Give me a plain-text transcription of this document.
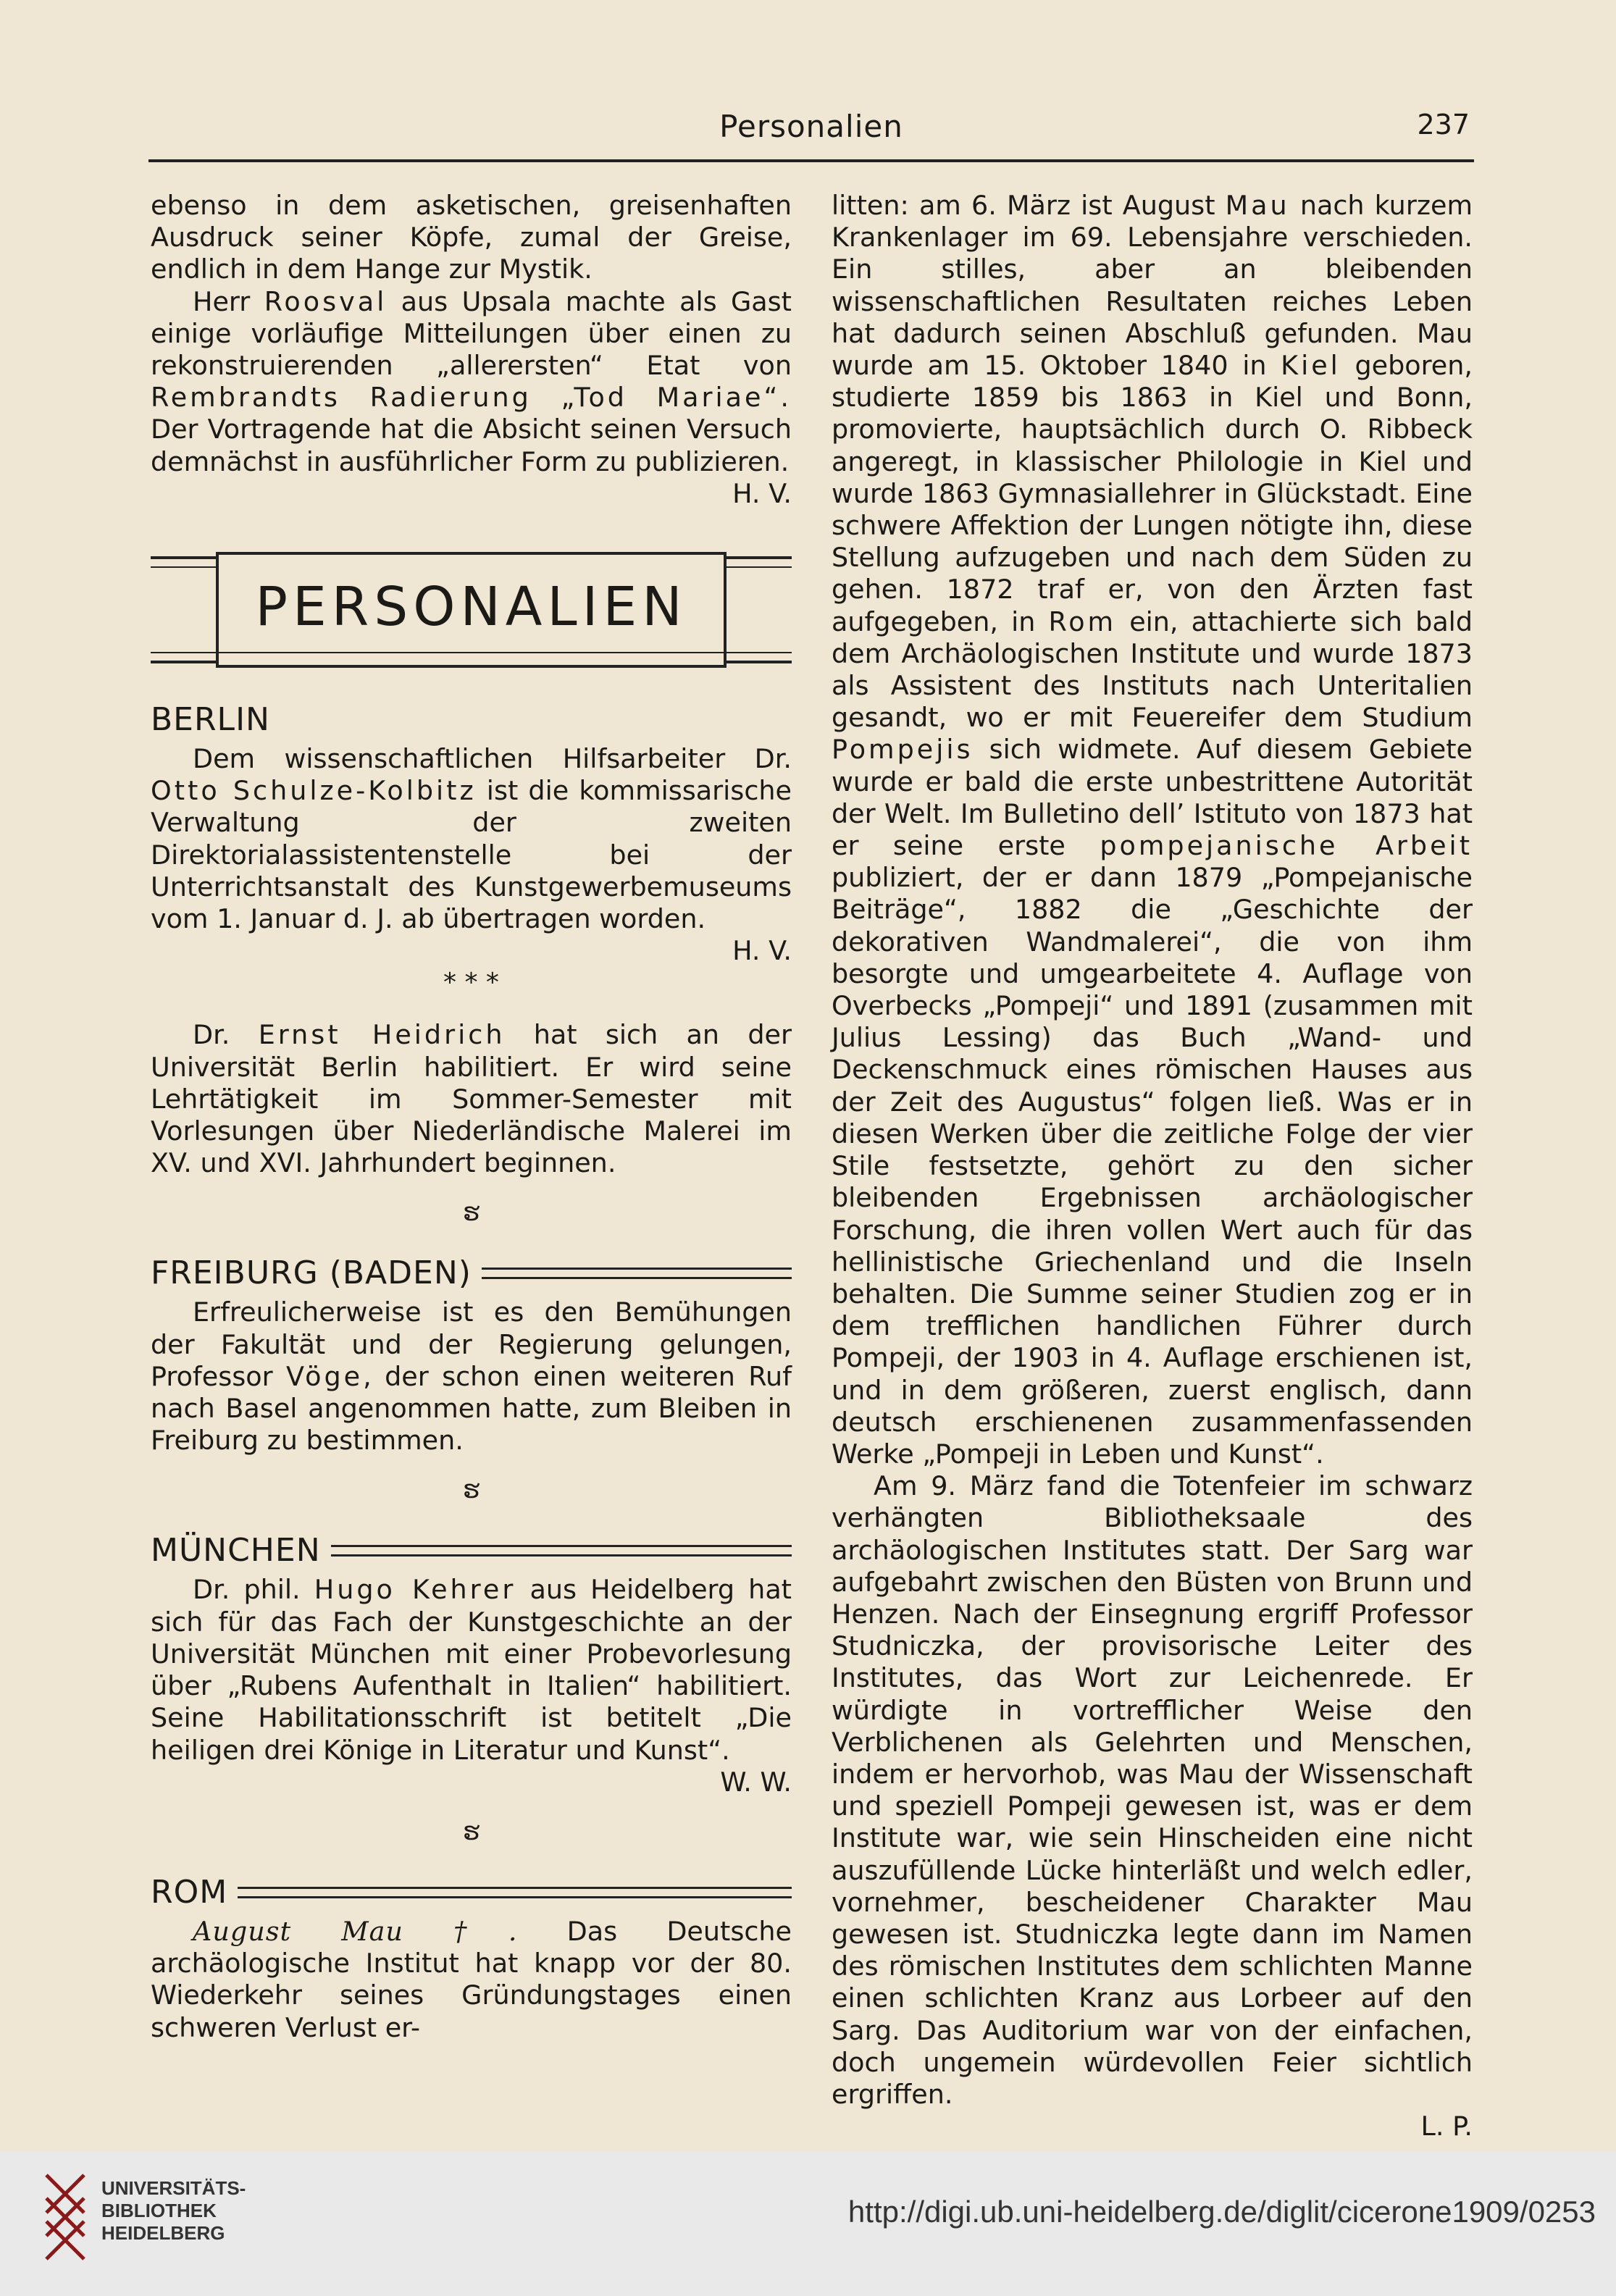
Personalien	237

ebenso in dem asketischen, greisenhaften Ausdruck seiner Köpfe, zumal der Greise, endlich in dem Hange zur Mystik.

Herr Roosval aus Upsala machte als Gast einige vorläufige Mitteilungen über einen zu rekonstruierenden „allerersten“ Etat von Rembrandts Radierung „Tod Mariae“. Der Vortragende hat die Absicht seinen Versuch demnächst in ausführlicher Form zu publizieren.

H. V.

PERSONALIEN
BERLIN

Dem wissenschaftlichen Hilfsarbeiter Dr. Otto Schulze-Kolbitz ist die kommissarische Verwaltung der zweiten Direktorialassistentenstelle bei der Unterrichtsanstalt des Kunstgewerbemuseums vom 1. Januar d. J. ab übertragen worden.

H. V.

* * *

Dr. Ernst Heidrich hat sich an der Universität Berlin habilitiert. Er wird seine Lehrtätigkeit im Sommer-Semester mit Vorlesungen über Niederländische Malerei im XV. und XVI. Jahrhundert beginnen.

ຮ
FREIBURG (BADEN)

Erfreulicherweise ist es den Bemühungen der Fakultät und der Regierung gelungen, Professor Vöge, der schon einen weiteren Ruf nach Basel angenommen hatte, zum Bleiben in Freiburg zu bestimmen.

ຮ
MÜNCHEN

Dr. phil. Hugo Kehrer aus Heidelberg hat sich für das Fach der Kunstgeschichte an der Universität München mit einer Probevorlesung über „Rubens Aufenthalt in Italien“ habilitiert. Seine Habilitationsschrift ist betitelt „Die heiligen drei Könige in Literatur und Kunst“.

W. W.

ຮ
ROM

August Mau †. Das Deutsche archäologische Institut hat knapp vor der 80. Wiederkehr seines Gründungstages einen schweren Verlust er-

litten: am 6. März ist August Mau nach kurzem Krankenlager im 69. Lebensjahre verschieden. Ein stilles, aber an bleibenden wissenschaftlichen Resultaten reiches Leben hat dadurch seinen Abschluß gefunden. Mau wurde am 15. Oktober 1840 in Kiel geboren, studierte 1859 bis 1863 in Kiel und Bonn, promovierte, hauptsächlich durch O. Ribbeck angeregt, in klassischer Philologie in Kiel und wurde 1863 Gymnasiallehrer in Glückstadt. Eine schwere Affektion der Lungen nötigte ihn, diese Stellung aufzugeben und nach dem Süden zu gehen. 1872 traf er, von den Ärzten fast aufgegeben, in Rom ein, attachierte sich bald dem Archäologischen Institute und wurde 1873 als Assistent des Instituts nach Unteritalien gesandt, wo er mit Feuereifer dem Studium Pompejis sich widmete. Auf diesem Gebiete wurde er bald die erste unbestrittene Autorität der Welt. Im Bulletino dell’ Istituto von 1873 hat er seine erste pompejanische Arbeit publiziert, der er dann 1879 „Pompejanische Beiträge“, 1882 die „Geschichte der dekorativen Wandmalerei“, die von ihm besorgte und umgearbeitete 4. Auflage von Overbecks „Pompeji“ und 1891 (zusammen mit Julius Lessing) das Buch „Wand- und Deckenschmuck eines römischen Hauses aus der Zeit des Augustus“ folgen ließ. Was er in diesen Werken über die zeitliche Folge der vier Stile festsetzte, gehört zu den sicher bleibenden Ergebnissen archäologischer Forschung, die ihren vollen Wert auch für das hellinistische Griechenland und die Inseln behalten. Die Summe seiner Studien zog er in dem trefflichen handlichen Führer durch Pompeji, der 1903 in 4. Auflage erschienen ist, und in dem größeren, zuerst englisch, dann deutsch erschienenen zusammenfassenden Werke „Pompeji in Leben und Kunst“.

Am 9. März fand die Totenfeier im schwarz verhängten Bibliotheksaale des archäologischen Institutes statt. Der Sarg war aufgebahrt zwischen den Büsten von Brunn und Henzen. Nach der Einsegnung ergriff Professor Studniczka, der provisorische Leiter des Institutes, das Wort zur Leichenrede. Er würdigte in vortrefflicher Weise den Verblichenen als Gelehrten und Menschen, indem er hervorhob, was Mau der Wissenschaft und speziell Pompeji gewesen ist, was er dem Institute war, wie sein Hinscheiden eine nicht auszufüllende Lücke hinterläßt und welch edler, vornehmer, bescheidener Charakter Mau gewesen ist. Studniczka legte dann im Namen des römischen Institutes dem schlichten Manne einen schlichten Kranz aus Lorbeer auf den Sarg. Das Auditorium war von der einfachen, doch ungemein würdevollen Feier sichtlich ergriffen.

L. P.

UNIVERSITÄTS-
BIBLIOTHEK
HEIDELBERG
http://digi.ub.uni-heidelberg.de/diglit/cicerone1909/0253
